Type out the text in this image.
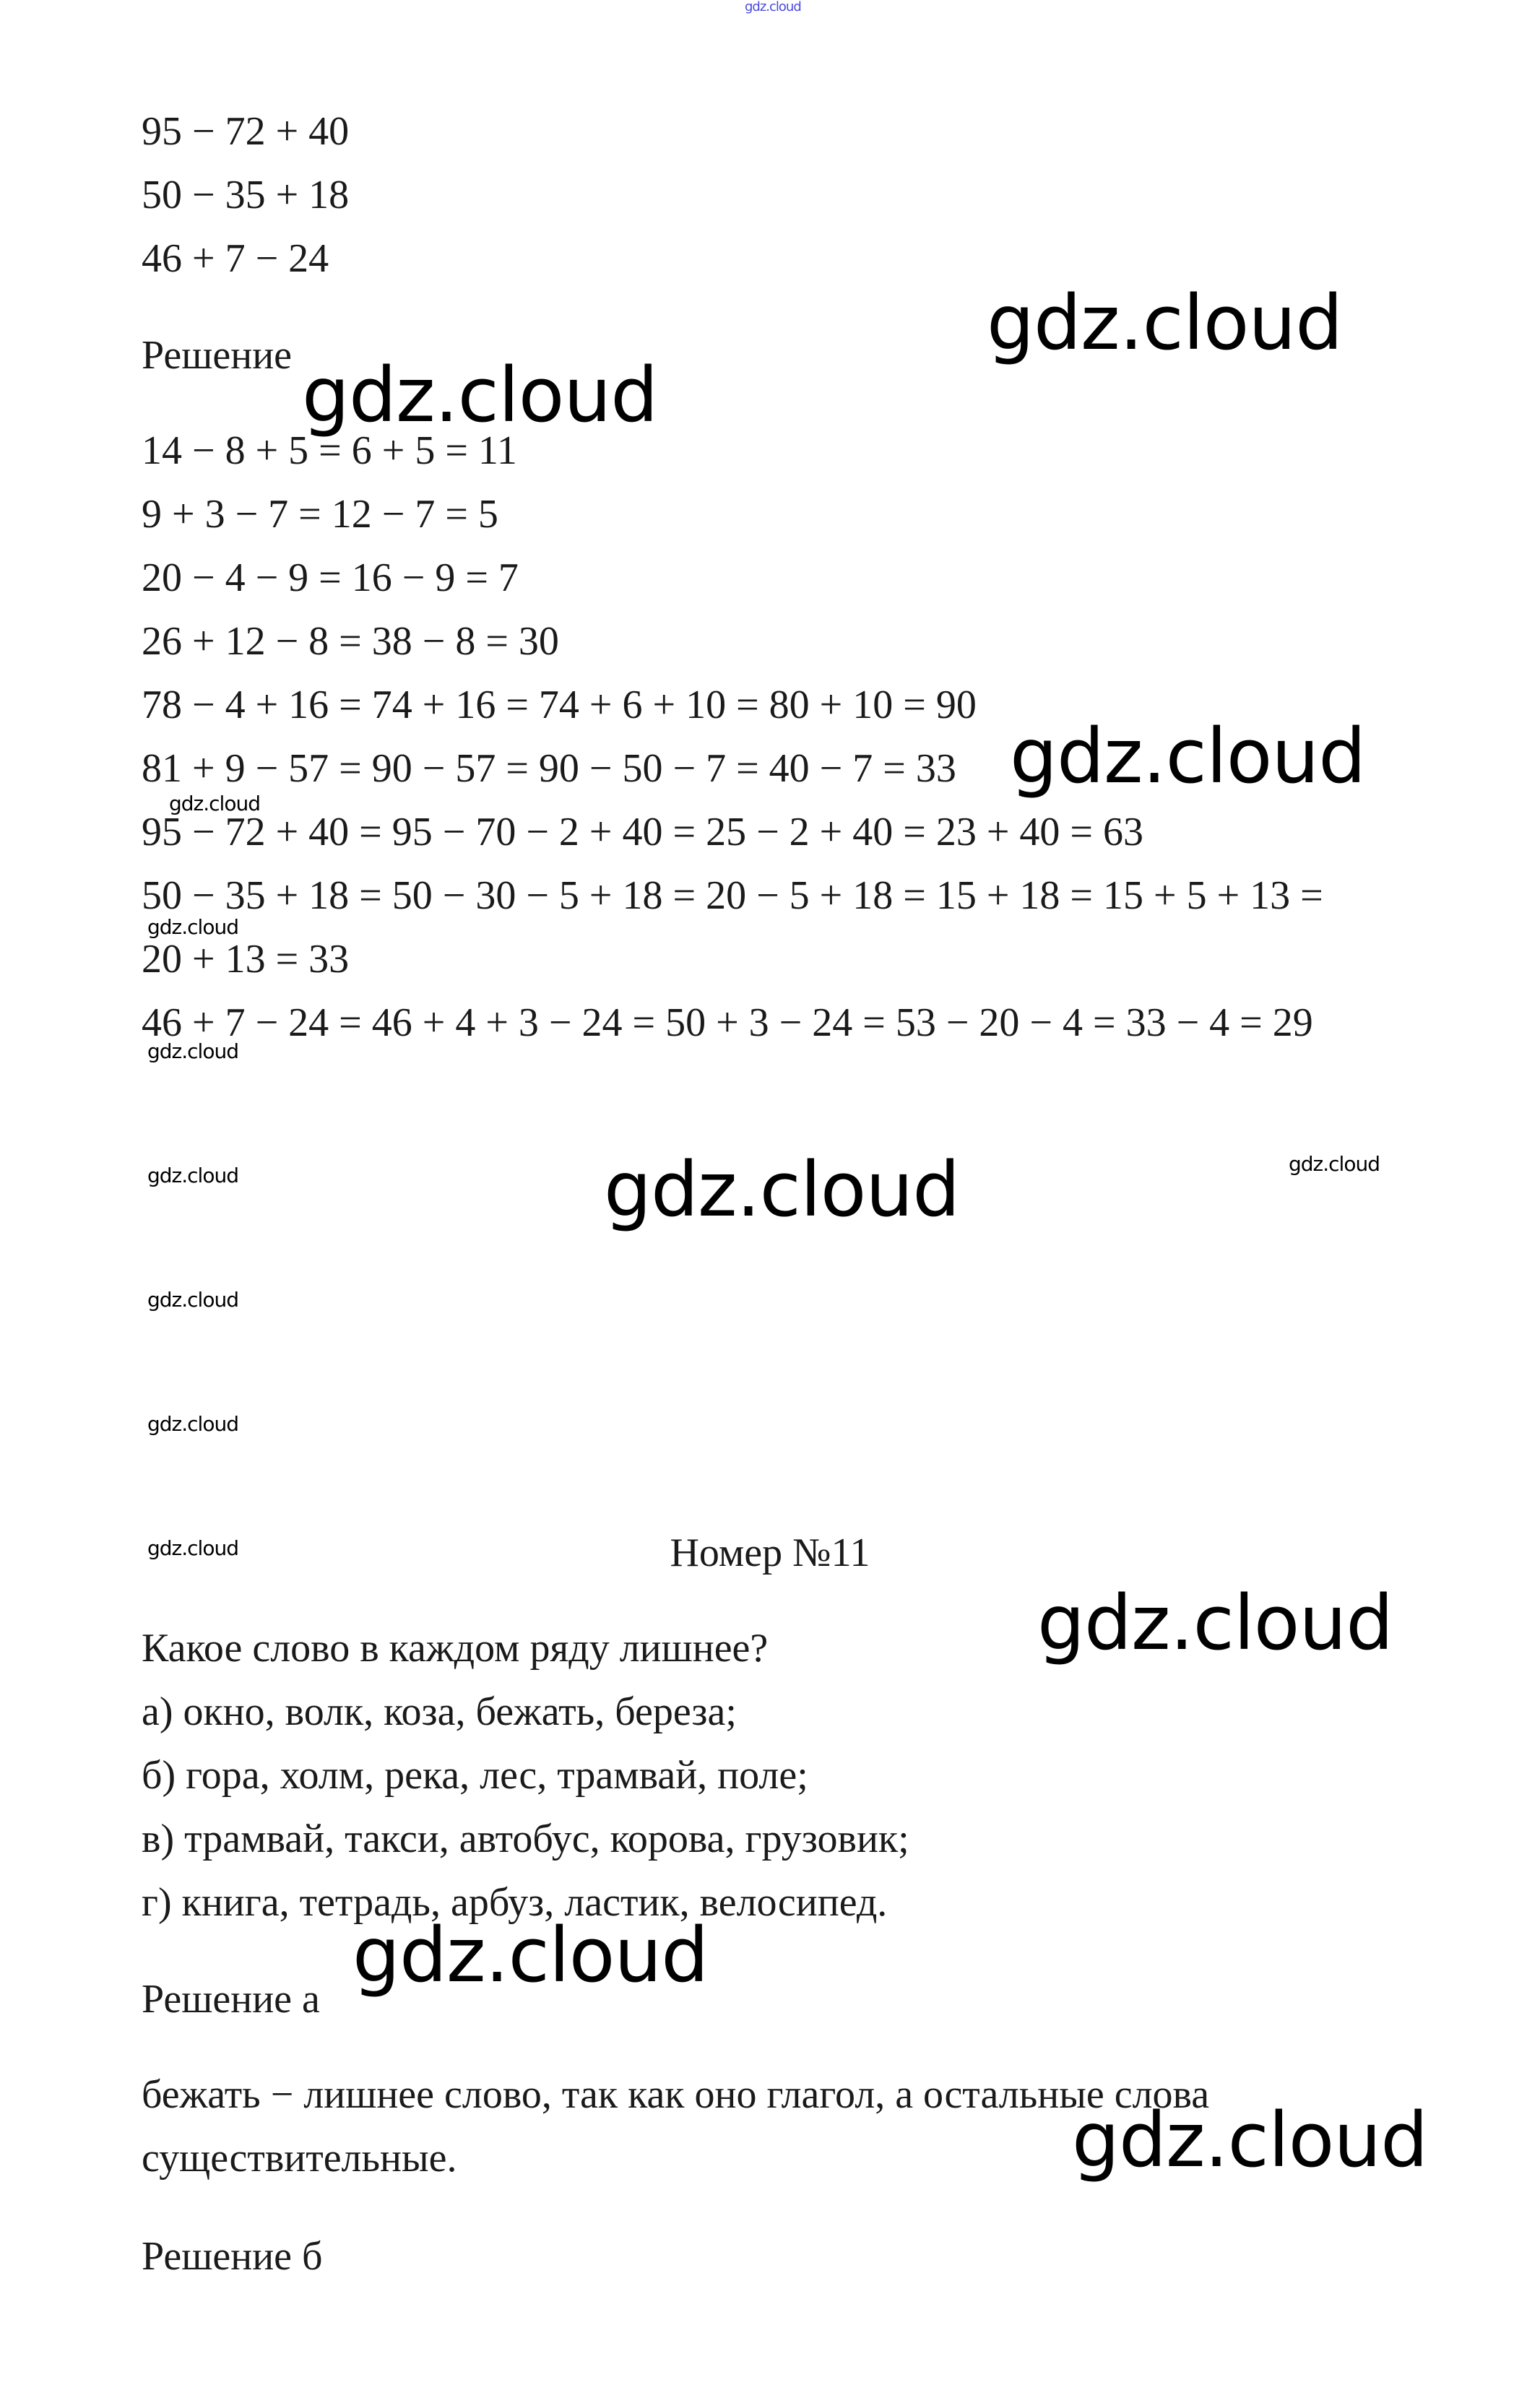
gdz.cloud
95 − 72 + 40
50 − 35 + 18
46 + 7 − 24
Решение
14 − 8 + 5 = 6 + 5 = 11
9 + 3 − 7 = 12 − 7 = 5
20 − 4 − 9 = 16 − 9 = 7
26 + 12 − 8 = 38 − 8 = 30
78 − 4 + 16 = 74 + 16 = 74 + 6 + 10 = 80 + 10 = 90
81 + 9 − 57 = 90 − 57 = 90 − 50 − 7 = 40 − 7 = 33
95 − 72 + 40 = 95 − 70 − 2 + 40 = 25 − 2 + 40 = 23 + 40 = 63
50 − 35 + 18 = 50 − 30 − 5 + 18 = 20 − 5 + 18 = 15 + 18 = 15 + 5 + 13 =
20 + 13 = 33
46 + 7 − 24 = 46 + 4 + 3 − 24 = 50 + 3 − 24 = 53 − 20 − 4 = 33 − 4 = 29
Номер №11
Какое слово в каждом ряду лишнее?
а) окно, волк, коза, бежать, береза;
б) гора, холм, река, лес, трамвай, поле;
в) трамвай, такси, автобус, корова, грузовик;
г) книга, тетрадь, арбуз, ластик, велосипед.
Решение а
бежать − лишнее слово, так как оно глагол, а остальные слова
существительные.
Решение б
gdz.cloud
gdz.cloud
gdz.cloud
gdz.cloud
gdz.cloud
gdz.cloud
gdz.cloud
gdz.cloud
gdz.cloud
gdz.cloud
gdz.cloud	gdz.cloud
gdz.cloud
gdz.cloud
gdz.cloud
